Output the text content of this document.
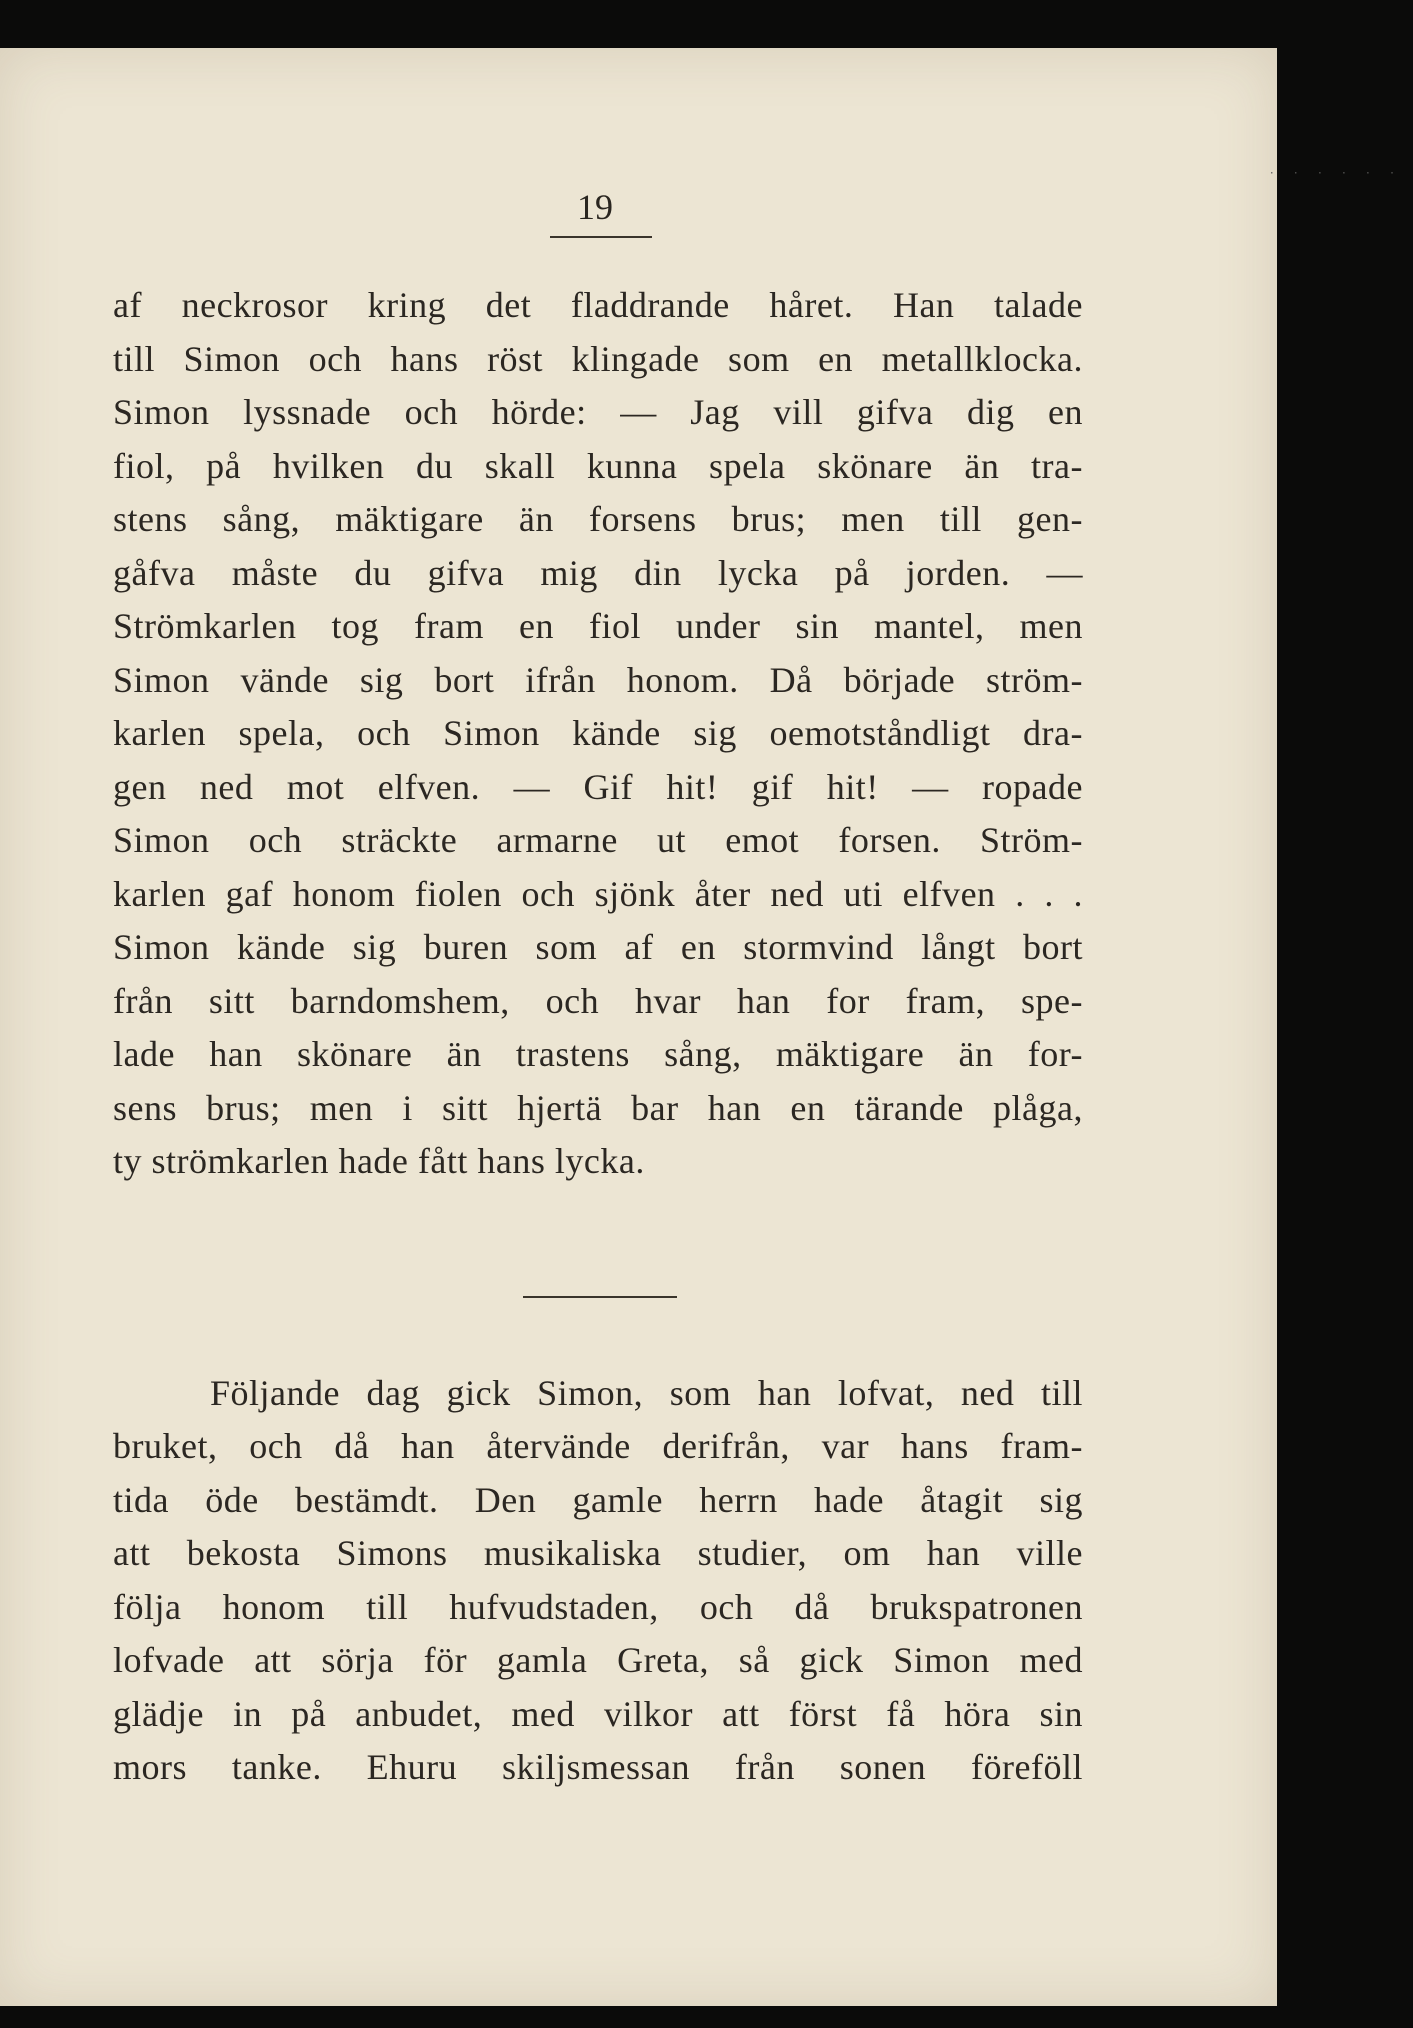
19

af neckrosor kring det fladdrande håret. Han talade

till Simon och hans röst klingade som en metallklocka.

Simon lyssnade och hörde: — Jag vill gifva dig en

fiol, på hvilken du skall kunna spela skönare än tra-

stens sång, mäktigare än forsens brus; men till gen-

gåfva måste du gifva mig din lycka på jorden. —

Strömkarlen tog fram en fiol under sin mantel, men

Simon vände sig bort ifrån honom. Då började ström-

karlen spela, och Simon kände sig oemotståndligt dra-

gen ned mot elfven. — Gif hit! gif hit! — ropade

Simon och sträckte armarne ut emot forsen. Ström-

karlen gaf honom fiolen och sjönk åter ned uti elfven . . .

Simon kände sig buren som af en stormvind långt bort

från sitt barndomshem, och hvar han for fram, spe-

lade han skönare än trastens sång, mäktigare än for-

sens brus; men i sitt hjertä bar han en tärande plåga,

ty strömkarlen hade fått hans lycka.

Följande dag gick Simon, som han lofvat, ned till

bruket, och då han återvände derifrån, var hans fram-

tida öde bestämdt. Den gamle herrn hade åtagit sig

att bekosta Simons musikaliska studier, om han ville

följa honom till hufvudstaden, och då brukspatronen

lofvade att sörja för gamla Greta, så gick Simon med

glädje in på anbudet, med vilkor att först få höra sin

mors tanke. Ehuru skiljsmessan från sonen föreföll

· · · · · ·
